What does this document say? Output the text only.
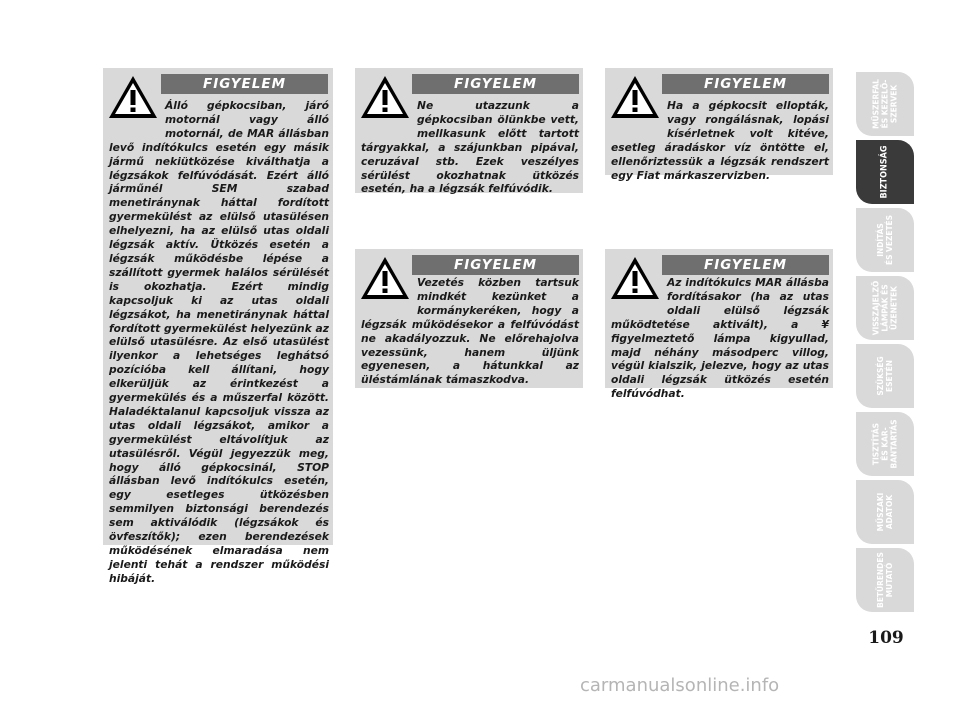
FIGYELEM

Álló gépkocsiban, járó motornál vagy álló motornál, de MAR állásban levő indítókulcs esetén egy másik jármű nekiütközése kiválthatja a légzsákok felfúvódását. Ezért álló járműnél SEM szabad menetiránynak háttal fordított gyermekülést az elülső utasülésen elhelyezni, ha az elülső utas oldali légzsák aktív. Ütközés esetén a légzsák működésbe lépése a szállított gyermek halálos sérülését is okozhatja. Ezért mindig kapcsoljuk ki az utas oldali légzsákot, ha menetiránynak háttal fordított gyermekülést helyezünk az elülső utasülésre. Az első utasülést ilyenkor a lehetséges leghátsó pozícióba kell állítani, hogy elkerüljük az érintkezést a gyermekülés és a műszerfal között. Haladéktalanul kapcsoljuk vissza az utas oldali légzsákot, amikor a gyermekülést eltávolítjuk az utasülésről. Végül jegyezzük meg, hogy álló gépkocsinál, STOP állásban levő indítókulcs esetén, egy esetleges ütközésben semmilyen biztonsági berendezés sem aktiválódik (légzsákok és övfeszítők); ezen berendezések működésének elmaradása nem jelenti tehát a rendszer működési hibáját.

FIGYELEM

Ne utazzunk a gépkocsiban ölünkbe vett, mellkasunk előtt tartott tárgyakkal, a szájunkban pipával, ceruzával stb. Ezek veszélyes sérülést okozhatnak ütközés esetén, ha a légzsák felfúvódik.

FIGYELEM

Ha a gépkocsit ellopták, vagy rongálásnak, lopási kísérletnek volt kitéve, esetleg áradáskor víz öntötte el, ellenőriztessük a légzsák rendszert egy Fiat márkaszervizben.

FIGYELEM

Vezetés közben tartsuk mindkét kezünket a kormánykeréken, hogy a légzsák működésekor a felfúvódást ne akadályozzuk. Ne előrehajolva vezessünk, hanem üljünk egyenesen, a hátunkkal az üléstámlának támaszkodva.

FIGYELEM

Az indítókulcs MAR állásba fordításakor (ha az utas oldali elülső légzsák működtetése aktivált), a ¥ figyelmeztető lámpa kigyullad, majd néhány másodperc villog, végül kialszik, jelezve, hogy az utas oldali légzsák ütközés esetén felfúvódhat.

MŰSZERFAL
ÉS KEZELŐ-
SZERVEK
BIZTONSÁG
INDÍTÁS
ÉS VEZETÉS
VISSZAJELZŐ
LÁMPÁK ÉS
ÜZENETEK
SZÜKSÉG
ESETÉN
TISZTÍTÁS
ÉS KAR-
BANTARTÁS
MŰSZAKI
ADATOK
BETŰRENDES
MUTATÓ
109
carmanualsonline.info
